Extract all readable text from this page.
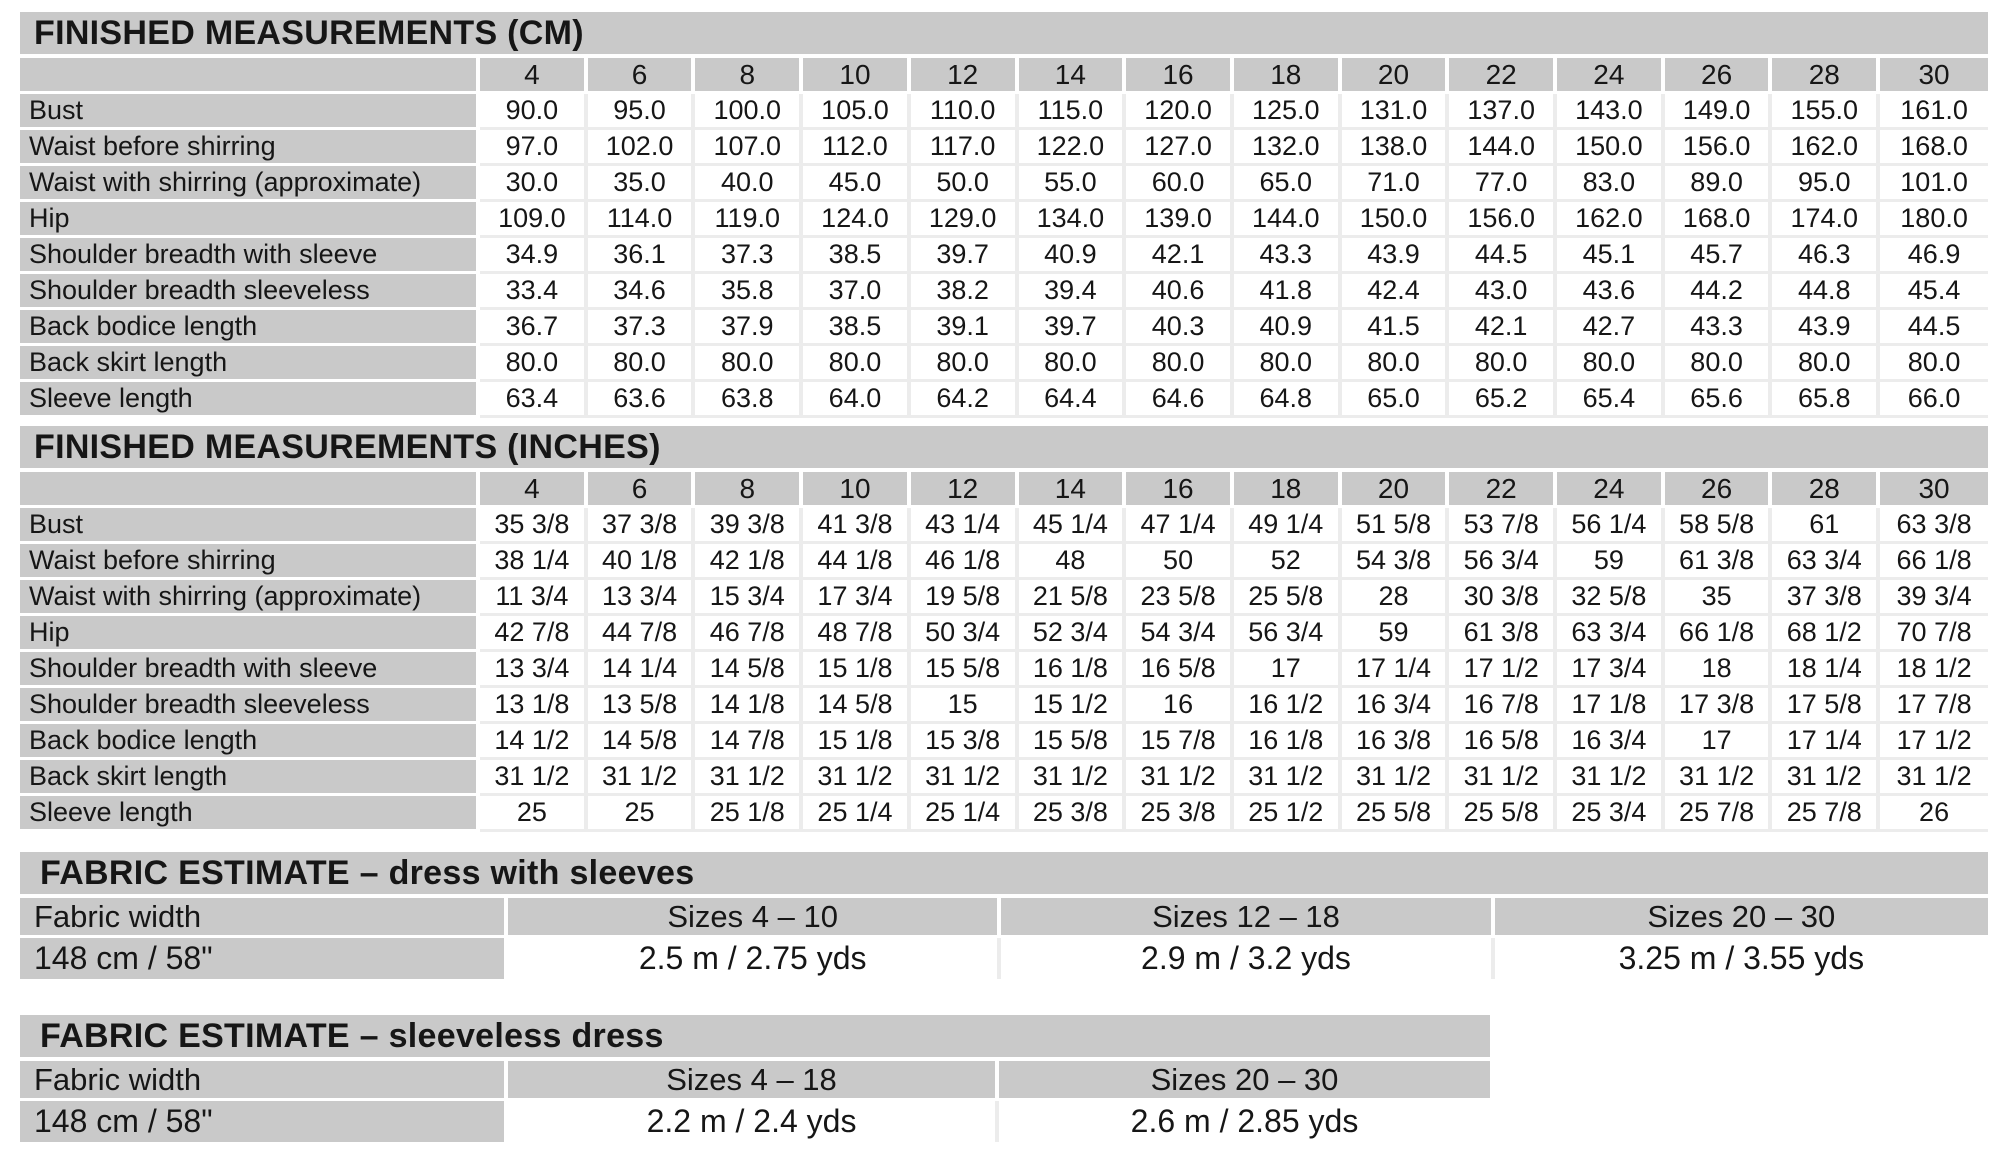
FINISHED MEASUREMENTS (CM)
	4	6	8	10	12	14	16	18	20	22	24	26	28	30
Bust	90.0	95.0	100.0	105.0	110.0	115.0	120.0	125.0	131.0	137.0	143.0	149.0	155.0	161.0
Waist before shirring	97.0	102.0	107.0	112.0	117.0	122.0	127.0	132.0	138.0	144.0	150.0	156.0	162.0	168.0
Waist with shirring (approximate)	30.0	35.0	40.0	45.0	50.0	55.0	60.0	65.0	71.0	77.0	83.0	89.0	95.0	101.0
Hip	109.0	114.0	119.0	124.0	129.0	134.0	139.0	144.0	150.0	156.0	162.0	168.0	174.0	180.0
Shoulder breadth with sleeve	34.9	36.1	37.3	38.5	39.7	40.9	42.1	43.3	43.9	44.5	45.1	45.7	46.3	46.9
Shoulder breadth sleeveless	33.4	34.6	35.8	37.0	38.2	39.4	40.6	41.8	42.4	43.0	43.6	44.2	44.8	45.4
Back bodice length	36.7	37.3	37.9	38.5	39.1	39.7	40.3	40.9	41.5	42.1	42.7	43.3	43.9	44.5
Back skirt length	80.0	80.0	80.0	80.0	80.0	80.0	80.0	80.0	80.0	80.0	80.0	80.0	80.0	80.0
Sleeve length	63.4	63.6	63.8	64.0	64.2	64.4	64.6	64.8	65.0	65.2	65.4	65.6	65.8	66.0
FINISHED MEASUREMENTS (INCHES)
	4	6	8	10	12	14	16	18	20	22	24	26	28	30
Bust	35 3/8	37 3/8	39 3/8	41 3/8	43 1/4	45 1/4	47 1/4	49 1/4	51 5/8	53 7/8	56 1/4	58 5/8	61	63 3/8
Waist before shirring	38 1/4	40 1/8	42 1/8	44 1/8	46 1/8	48	50	52	54 3/8	56 3/4	59	61 3/8	63 3/4	66 1/8
Waist with shirring (approximate)	11 3/4	13 3/4	15 3/4	17 3/4	19 5/8	21 5/8	23 5/8	25 5/8	28	30 3/8	32 5/8	35	37 3/8	39 3/4
Hip	42 7/8	44 7/8	46 7/8	48 7/8	50 3/4	52 3/4	54 3/4	56 3/4	59	61 3/8	63 3/4	66 1/8	68 1/2	70 7/8
Shoulder breadth with sleeve	13 3/4	14 1/4	14 5/8	15 1/8	15 5/8	16 1/8	16 5/8	17	17 1/4	17 1/2	17 3/4	18	18 1/4	18 1/2
Shoulder breadth sleeveless	13 1/8	13 5/8	14 1/8	14 5/8	15	15 1/2	16	16 1/2	16 3/4	16 7/8	17 1/8	17 3/8	17 5/8	17 7/8
Back bodice length	14 1/2	14 5/8	14 7/8	15 1/8	15 3/8	15 5/8	15 7/8	16 1/8	16 3/8	16 5/8	16 3/4	17	17 1/4	17 1/2
Back skirt length	31 1/2	31 1/2	31 1/2	31 1/2	31 1/2	31 1/2	31 1/2	31 1/2	31 1/2	31 1/2	31 1/2	31 1/2	31 1/2	31 1/2
Sleeve length	25	25	25 1/8	25 1/4	25 1/4	25 3/8	25 3/8	25 1/2	25 5/8	25 5/8	25 3/4	25 7/8	25 7/8	26
FABRIC ESTIMATE – dress with sleeves
Fabric width	Sizes 4 – 10	Sizes 12 – 18	Sizes 20 – 30
148 cm / 58"	2.5 m / 2.75 yds	2.9 m / 3.2 yds	3.25 m / 3.55 yds
FABRIC ESTIMATE – sleeveless dress
Fabric width	Sizes 4 – 18	Sizes 20 – 30
148 cm / 58"	2.2 m / 2.4 yds	2.6 m / 2.85 yds
